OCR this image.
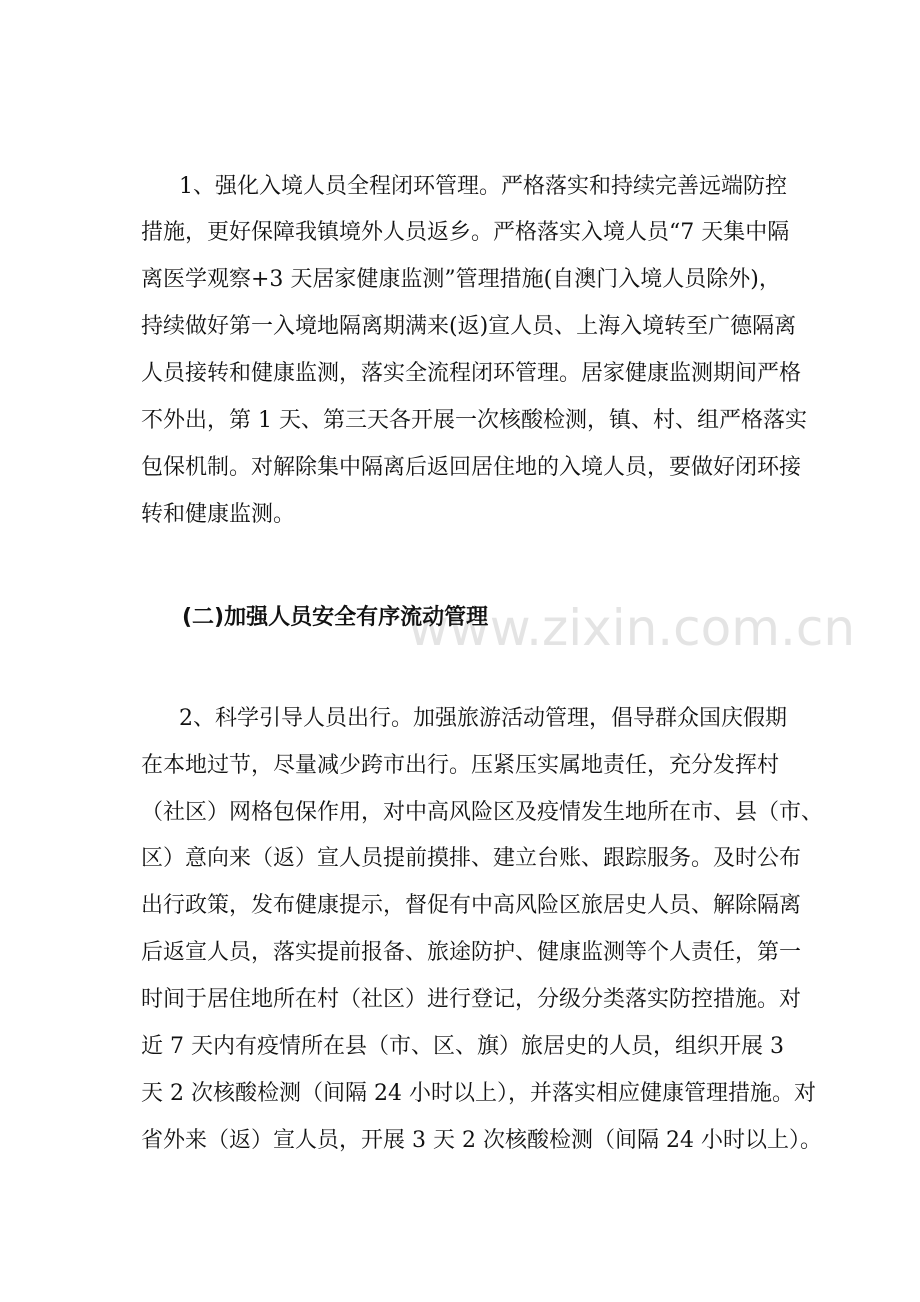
www.zixin.com.cn

1、强化入境人员全程闭环管理。严格落实和持续完善远端防控

措施，更好保障我镇境外人员返乡。严格落实入境人员“7 天集中隔

离医学观察+3 天居家健康监测”管理措施(自澳门入境人员除外)，

持续做好第一入境地隔离期满来(返)宣人员、上海入境转至广德隔离

人员接转和健康监测，落实全流程闭环管理。居家健康监测期间严格

不外出，第 1 天、第三天各开展一次核酸检测，镇、村、组严格落实

包保机制。对解除集中隔离后返回居住地的入境人员，要做好闭环接

转和健康监测。

(二)加强人员安全有序流动管理

2、科学引导人员出行。加强旅游活动管理，倡导群众国庆假期

在本地过节，尽量减少跨市出行。压紧压实属地责任，充分发挥村

（社区）网格包保作用，对中高风险区及疫情发生地所在市、县（市、

区）意向来（返）宣人员提前摸排、建立台账、跟踪服务。及时公布

出行政策，发布健康提示，督促有中高风险区旅居史人员、解除隔离

后返宣人员，落实提前报备、旅途防护、健康监测等个人责任，第一

时间于居住地所在村（社区）进行登记，分级分类落实防控措施。对

近 7 天内有疫情所在县（市、区、旗）旅居史的人员，组织开展 3

天 2 次核酸检测（间隔 24 小时以上），并落实相应健康管理措施。对

省外来（返）宣人员，开展 3 天 2 次核酸检测（间隔 24 小时以上）。
